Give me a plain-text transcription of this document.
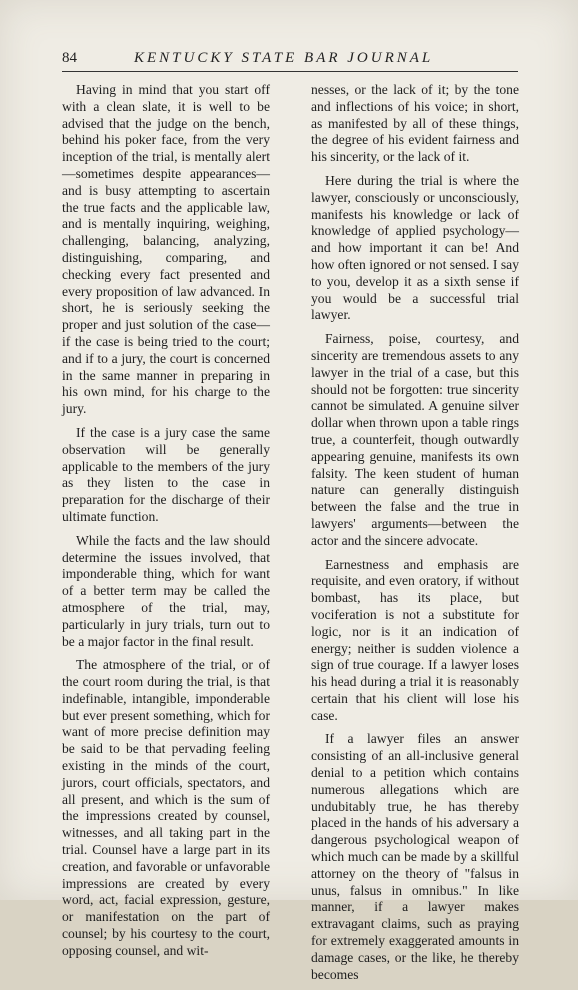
84	KENTUCKY STATE BAR JOURNAL

Having in mind that you start off with a clean slate, it is well to be advised that the judge on the bench, behind his poker face, from the very inception of the trial, is mentally alert—sometimes despite appearances—and is busy attempting to ascertain the true facts and the applicable law, and is mentally inquiring, weighing, challenging, balancing, analyzing, distinguishing, comparing, and checking every fact presented and every proposition of law advanced. In short, he is seriously seeking the proper and just solution of the case—if the case is being tried to the court; and if to a jury, the court is concerned in the same manner in preparing in his own mind, for his charge to the jury.

If the case is a jury case the same observation will be generally applicable to the members of the jury as they listen to the case in preparation for the discharge of their ultimate function.

While the facts and the law should determine the issues involved, that imponderable thing, which for want of a better term may be called the atmosphere of the trial, may, particularly in jury trials, turn out to be a major factor in the final result.

The atmosphere of the trial, or of the court room during the trial, is that indefinable, intangible, imponderable but ever present something, which for want of more precise definition may be said to be that pervading feeling existing in the minds of the court, jurors, court officials, spectators, and all present, and which is the sum of the impressions created by counsel, witnesses, and all taking part in the trial. Counsel have a large part in its creation, and favorable or unfavorable impressions are created by every word, act, facial expression, gesture, or manifestation on the part of counsel; by his courtesy to the court, opposing counsel, and wit-

nesses, or the lack of it; by the tone and inflections of his voice; in short, as manifested by all of these things, the degree of his evident fairness and his sincerity, or the lack of it.

Here during the trial is where the lawyer, consciously or unconsciously, manifests his knowledge or lack of knowledge of applied psychology—and how important it can be! And how often ignored or not sensed. I say to you, develop it as a sixth sense if you would be a successful trial lawyer.

Fairness, poise, courtesy, and sincerity are tremendous assets to any lawyer in the trial of a case, but this should not be forgotten: true sincerity cannot be simulated. A genuine silver dollar when thrown upon a table rings true, a counterfeit, though outwardly appearing genuine, manifests its own falsity. The keen student of human nature can generally distinguish between the false and the true in lawyers' arguments—between the actor and the sincere advocate.

Earnestness and emphasis are requisite, and even oratory, if without bombast, has its place, but vociferation is not a substitute for logic, nor is it an indication of energy; neither is sudden violence a sign of true courage. If a lawyer loses his head during a trial it is reasonably certain that his client will lose his case.

If a lawyer files an answer consisting of an all-inclusive general denial to a petition which contains numerous allegations which are undubitably true, he has thereby placed in the hands of his adversary a dangerous psychological weapon of which much can be made by a skillful attorney on the theory of "falsus in unus, falsus in omnibus." In like manner, if a lawyer makes extravagant claims, such as praying for extremely exaggerated amounts in damage cases, or the like, he thereby becomes
